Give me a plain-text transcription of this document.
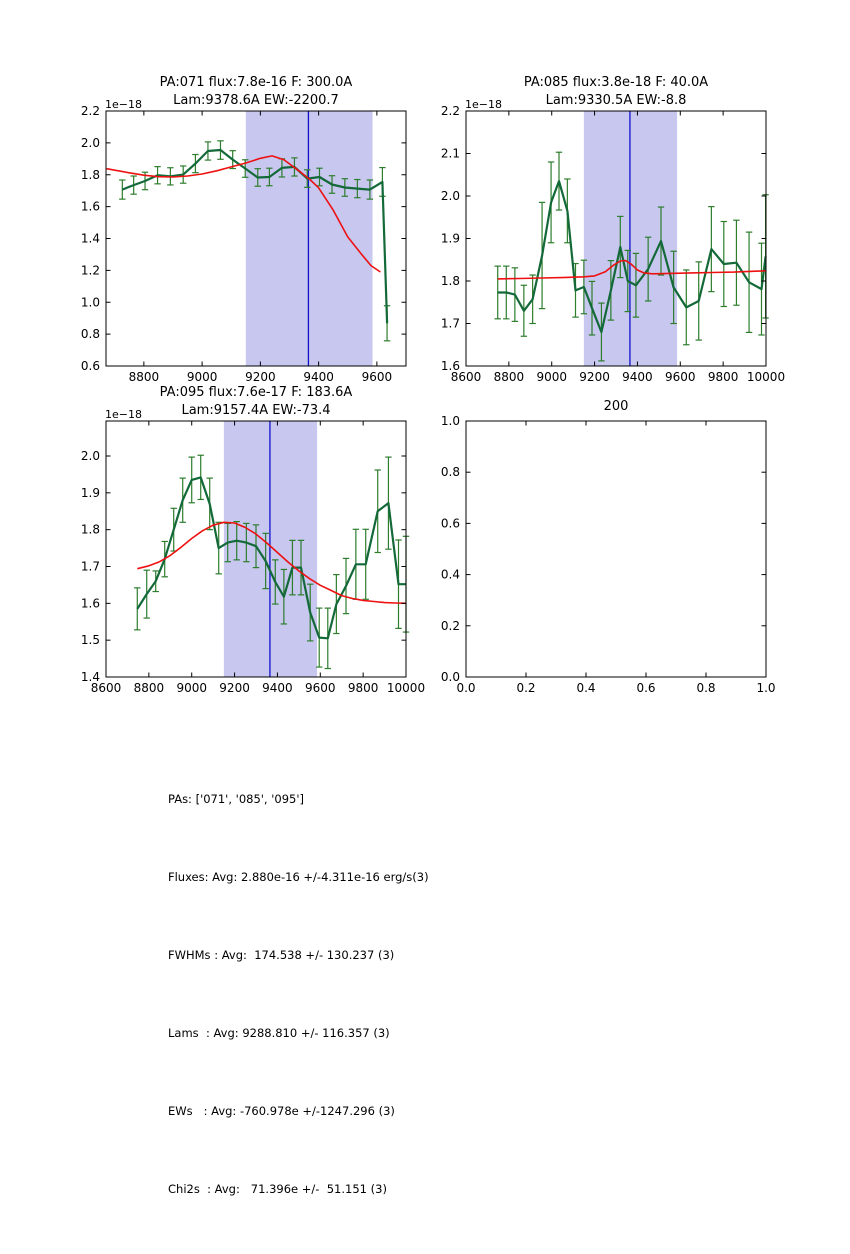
8800 9000 9200 9400 9600
0.6
0.8
1.0
1.2
1.4
1.6
1.8
2.0
2.2 1e−18
PA:071 flux:7.8e-16 F: 300.0A
Lam:9378.6A EW:-2200.7
8600 8800 9000 9200 9400 9600 9800 10000
1.6
1.7
1.8
1.9
2.0
2.1
2.2 1e−18
PA:085 flux:3.8e-18 F: 40.0A
Lam:9330.5A EW:-8.8
8600 8800 9000 9200 9400 9600 9800 10000
1.4
1.5
1.6
1.7
1.8
1.9
2.0
1e−18
PA:095 flux:7.6e-17 F: 183.6A
Lam:9157.4A EW:-73.4
0.0	0.2	0.4	0.6	0.8	1.0
0.0
0.2
0.4
0.6
0.8
1.0
200

PAs: ['071', '085', '095']

Fluxes: Avg: 2.880e-16 +/-4.311e-16 erg/s(3)

FWHMs : Avg:  174.538 +/- 130.237 (3)

Lams  : Avg: 9288.810 +/- 116.357 (3)

EWs   : Avg: -760.978e +/-1247.296 (3)

Chi2s  : Avg:   71.396e +/-  51.151 (3)
